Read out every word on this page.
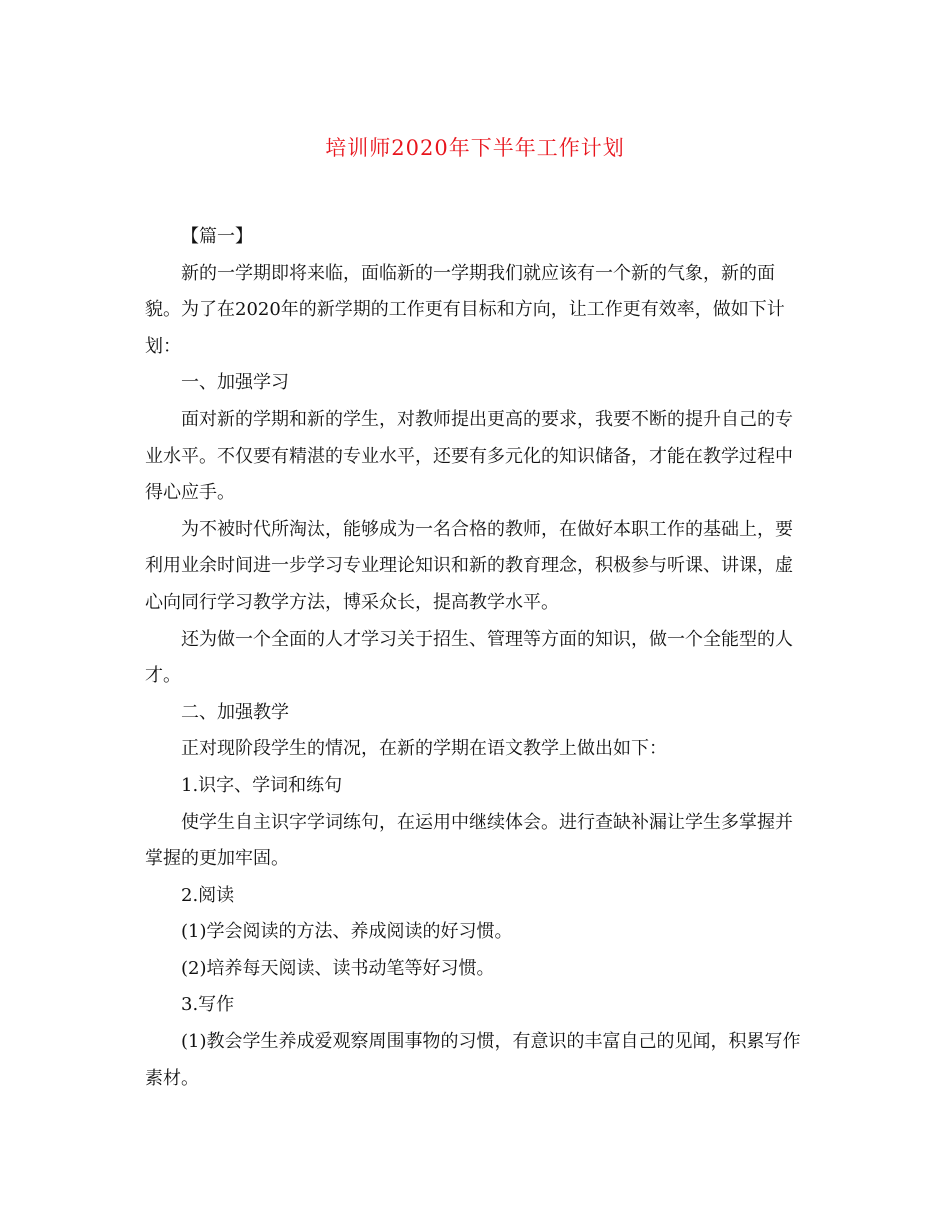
培训师2020年下半年工作计划

【篇一】

新的一学期即将来临，面临新的一学期我们就应该有一个新的气象，新的面貌。为了在2020年的新学期的工作更有目标和方向，让工作更有效率，做如下计划：

一、加强学习

面对新的学期和新的学生，对教师提出更高的要求，我要不断的提升自己的专业水平。不仅要有精湛的专业水平，还要有多元化的知识储备，才能在教学过程中得心应手。

为不被时代所淘汰，能够成为一名合格的教师，在做好本职工作的基础上，要利用业余时间进一步学习专业理论知识和新的教育理念，积极参与听课、讲课，虚心向同行学习教学方法，博采众长，提高教学水平。

还为做一个全面的人才学习关于招生、管理等方面的知识，做一个全能型的人才。

二、加强教学

正对现阶段学生的情况，在新的学期在语文教学上做出如下：

1.识字、学词和练句

使学生自主识字学词练句，在运用中继续体会。进行查缺补漏让学生多掌握并掌握的更加牢固。

2.阅读

(1)学会阅读的方法、养成阅读的好习惯。

(2)培养每天阅读、读书动笔等好习惯。

3.写作

(1)教会学生养成爱观察周围事物的习惯，有意识的丰富自己的见闻，积累写作素材。
